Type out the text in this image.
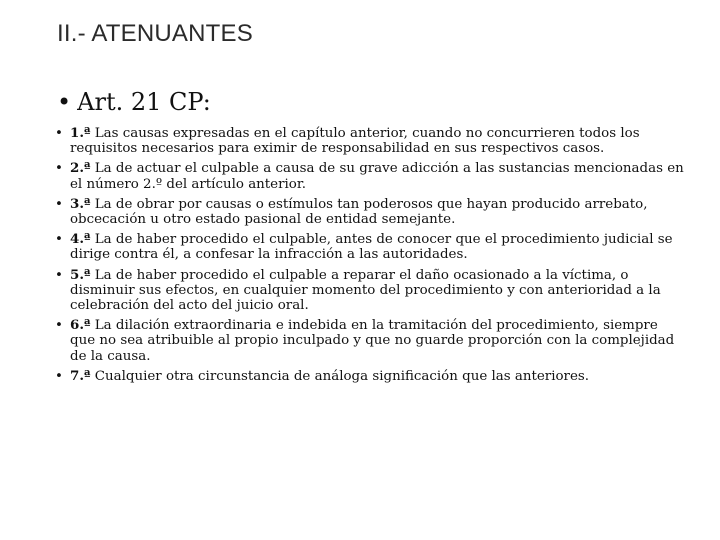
II.- ATENUANTES
• Art. 21 CP:
• 1.ª Las causas expresadas en el capítulo anterior, cuando no concurrieren todos los requisitos necesarios para eximir de responsabilidad en sus respectivos casos.
• 2.ª La de actuar el culpable a causa de su grave adicción a las sustancias mencionadas en el número 2.º del artículo anterior.
• 3.ª La de obrar por causas o estímulos tan poderosos que hayan producido arrebato, obcecación u otro estado pasional de entidad semejante.
• 4.ª La de haber procedido el culpable, antes de conocer que el procedimiento judicial se dirige contra él, a confesar la infracción a las autoridades.
• 5.ª La de haber procedido el culpable a reparar el daño ocasionado a la víctima, o disminuir sus efectos, en cualquier momento del procedimiento y con anterioridad a la celebración del acto del juicio oral.
• 6.ª La dilación extraordinaria e indebida en la tramitación del procedimiento, siempre que no sea atribuible al propio inculpado y que no guarde proporción con la complejidad de la causa.
• 7.ª Cualquier otra circunstancia de análoga significación que las anteriores.
